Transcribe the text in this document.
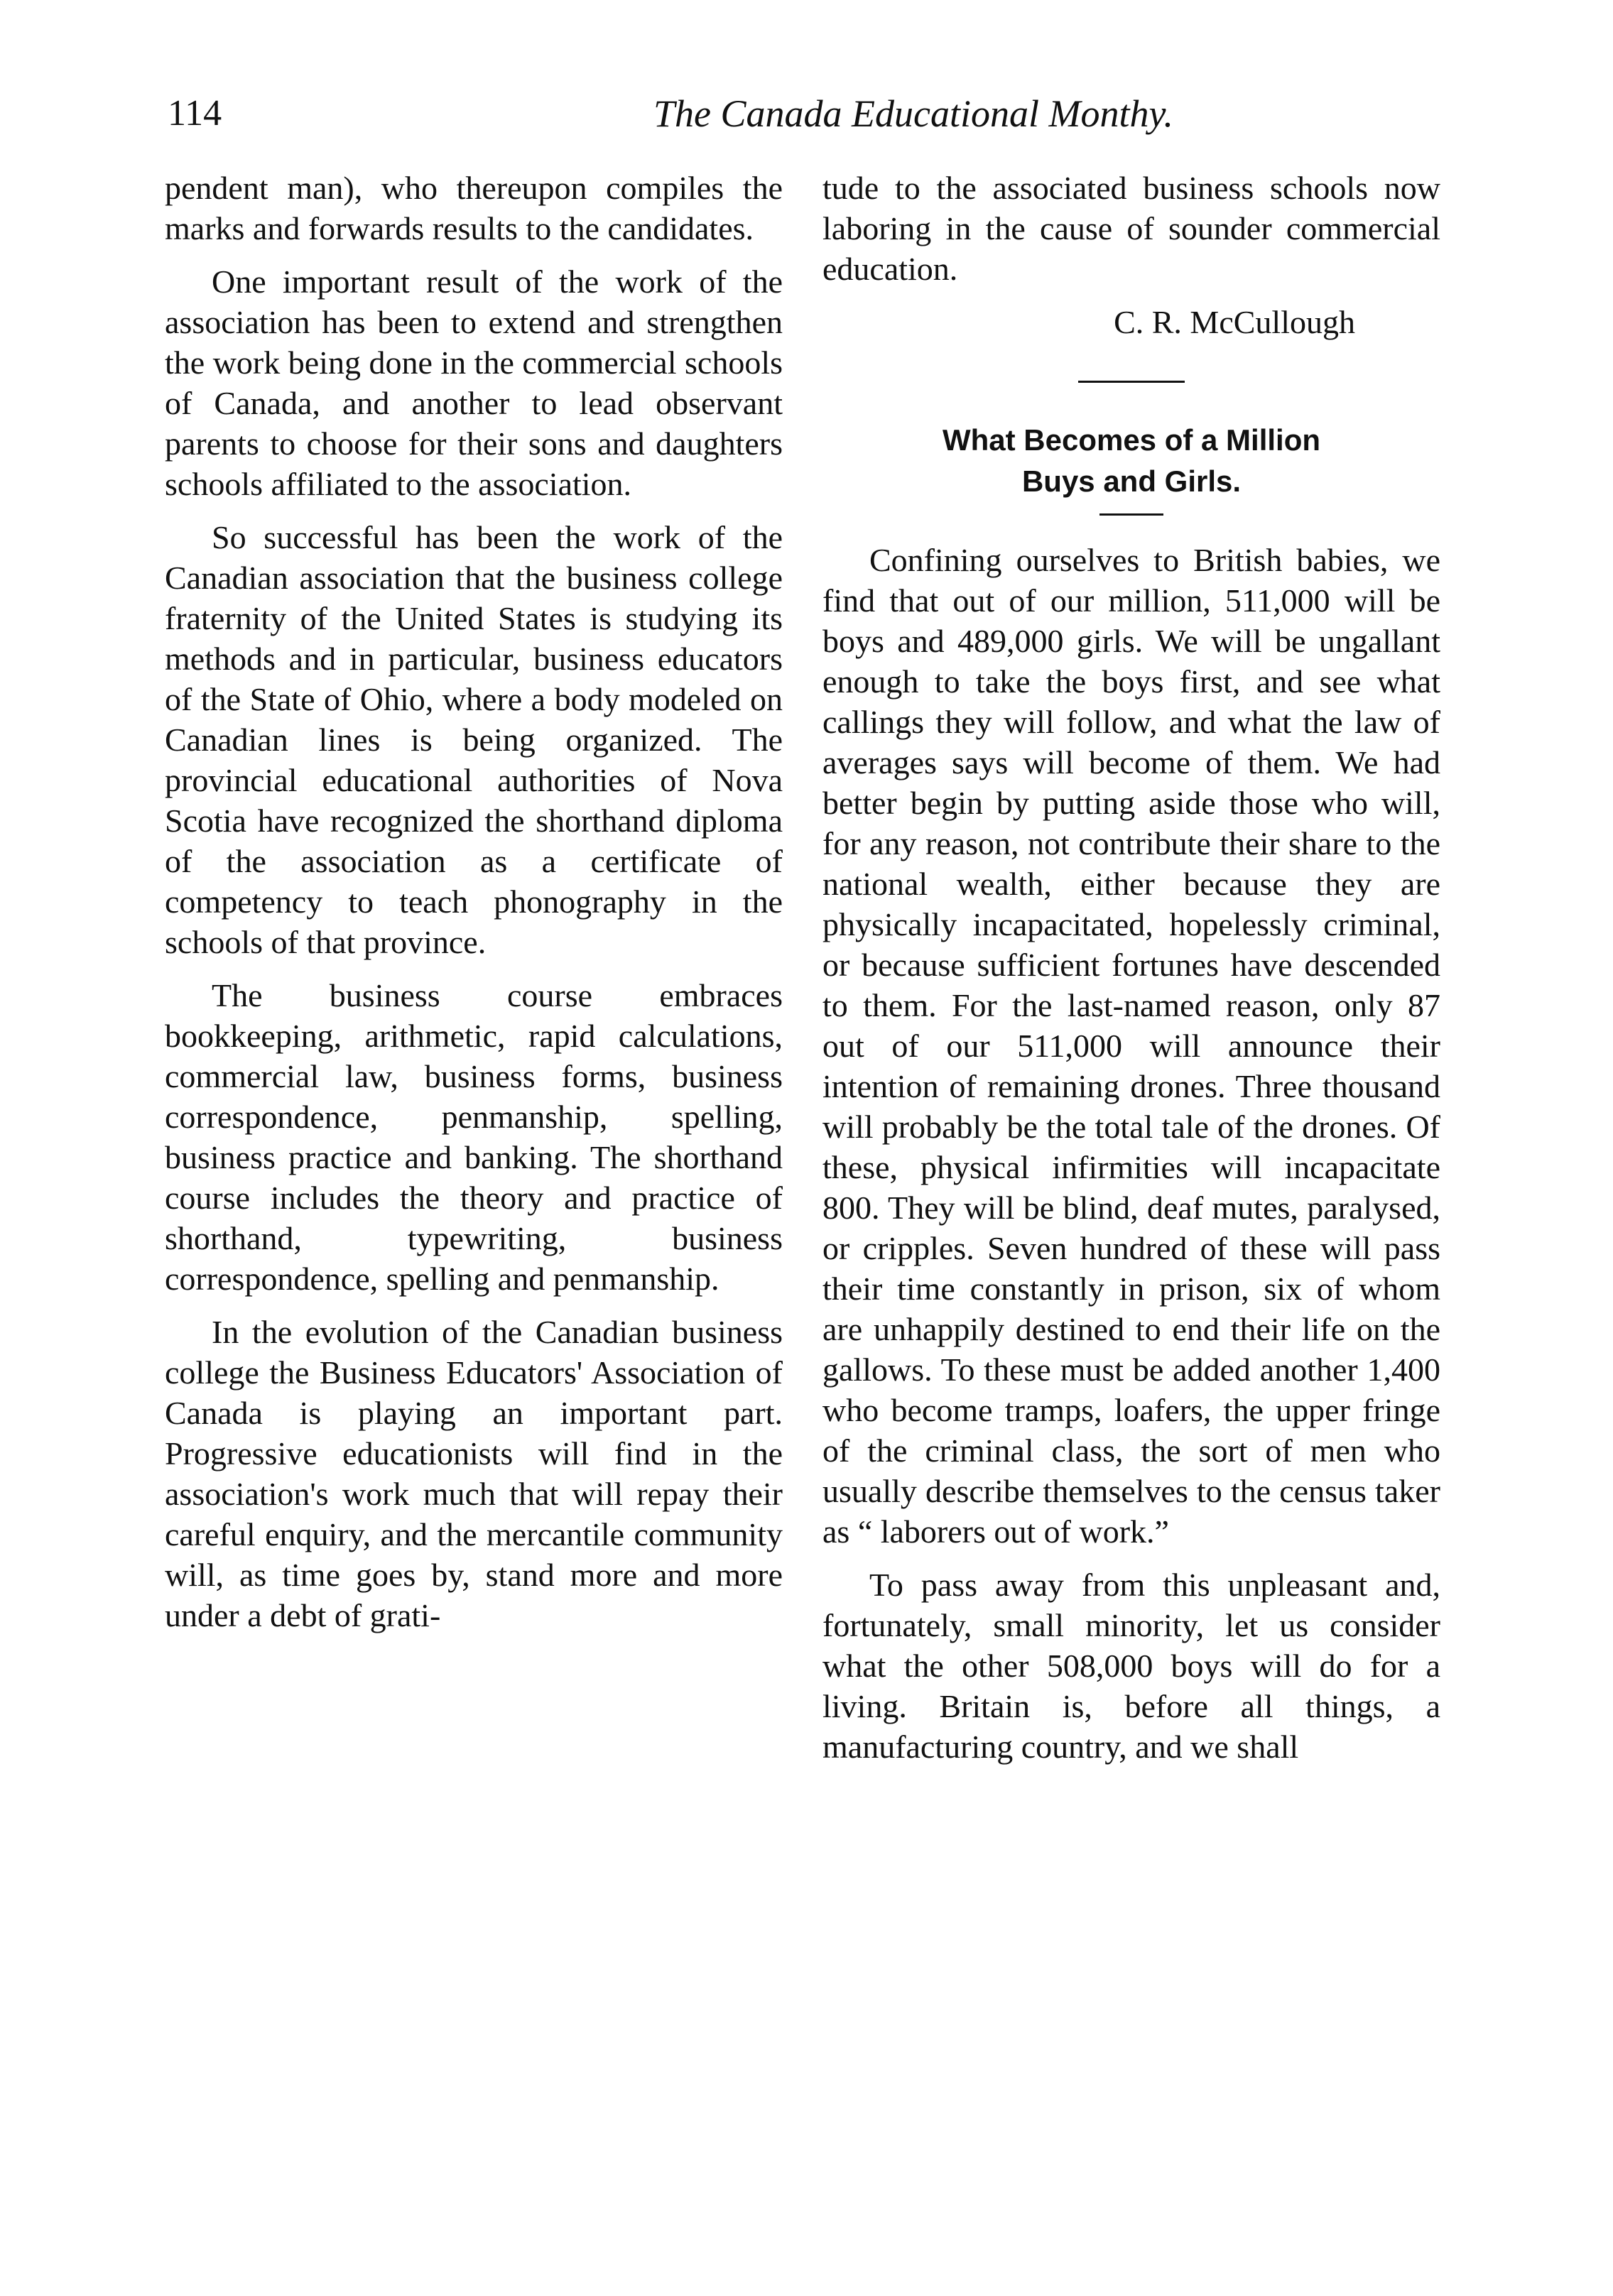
114	The Canada Educational Monthy.

pendent man), who thereupon compiles the marks and forwards results to the candidates.

One important result of the work of the association has been to extend and strengthen the work being done in the commercial schools of Canada, and another to lead observant parents to choose for their sons and daughters schools affiliated to the association.

So successful has been the work of the Canadian association that the business college fraternity of the United States is studying its methods and in particular, business educators of the State of Ohio, where a body modeled on Canadian lines is being organized. The provincial educational authorities of Nova Scotia have recognized the shorthand diploma of the association as a certificate of competency to teach phonography in the schools of that province.

The business course embraces bookkeeping, arithmetic, rapid calculations, commercial law, business forms, business correspondence, penmanship, spelling, business practice and banking. The shorthand course includes the theory and practice of shorthand, typewriting, business correspondence, spelling and penmanship.

In the evolution of the Canadian business college the Business Educators' Association of Canada is playing an important part. Progressive educationists will find in the association's work much that will repay their careful enquiry, and the mercantile community will, as time goes by, stand more and more under a debt of grati-

tude to the associated business schools now laboring in the cause of sounder commercial education.

C. R. McCullough
What Becomes of a Million
Buys and Girls.

Confining ourselves to British babies, we find that out of our million, 511,000 will be boys and 489,000 girls. We will be ungallant enough to take the boys first, and see what callings they will follow, and what the law of averages says will become of them. We had better begin by putting aside those who will, for any reason, not contribute their share to the national wealth, either because they are physically incapacitated, hopelessly criminal, or because sufficient fortunes have descended to them. For the last-named reason, only 87 out of our 511,000 will announce their intention of remaining drones. Three thousand will probably be the total tale of the drones. Of these, physical infirmities will incapacitate 800. They will be blind, deaf mutes, paralysed, or cripples. Seven hundred of these will pass their time constantly in prison, six of whom are unhappily destined to end their life on the gallows. To these must be added another 1,400 who become tramps, loafers, the upper fringe of the criminal class, the sort of men who usually describe themselves to the census taker as “ laborers out of work.”

To pass away from this unpleasant and, fortunately, small minority, let us consider what the other 508,000 boys will do for a living. Britain is, before all things, a manufacturing country, and we shall
